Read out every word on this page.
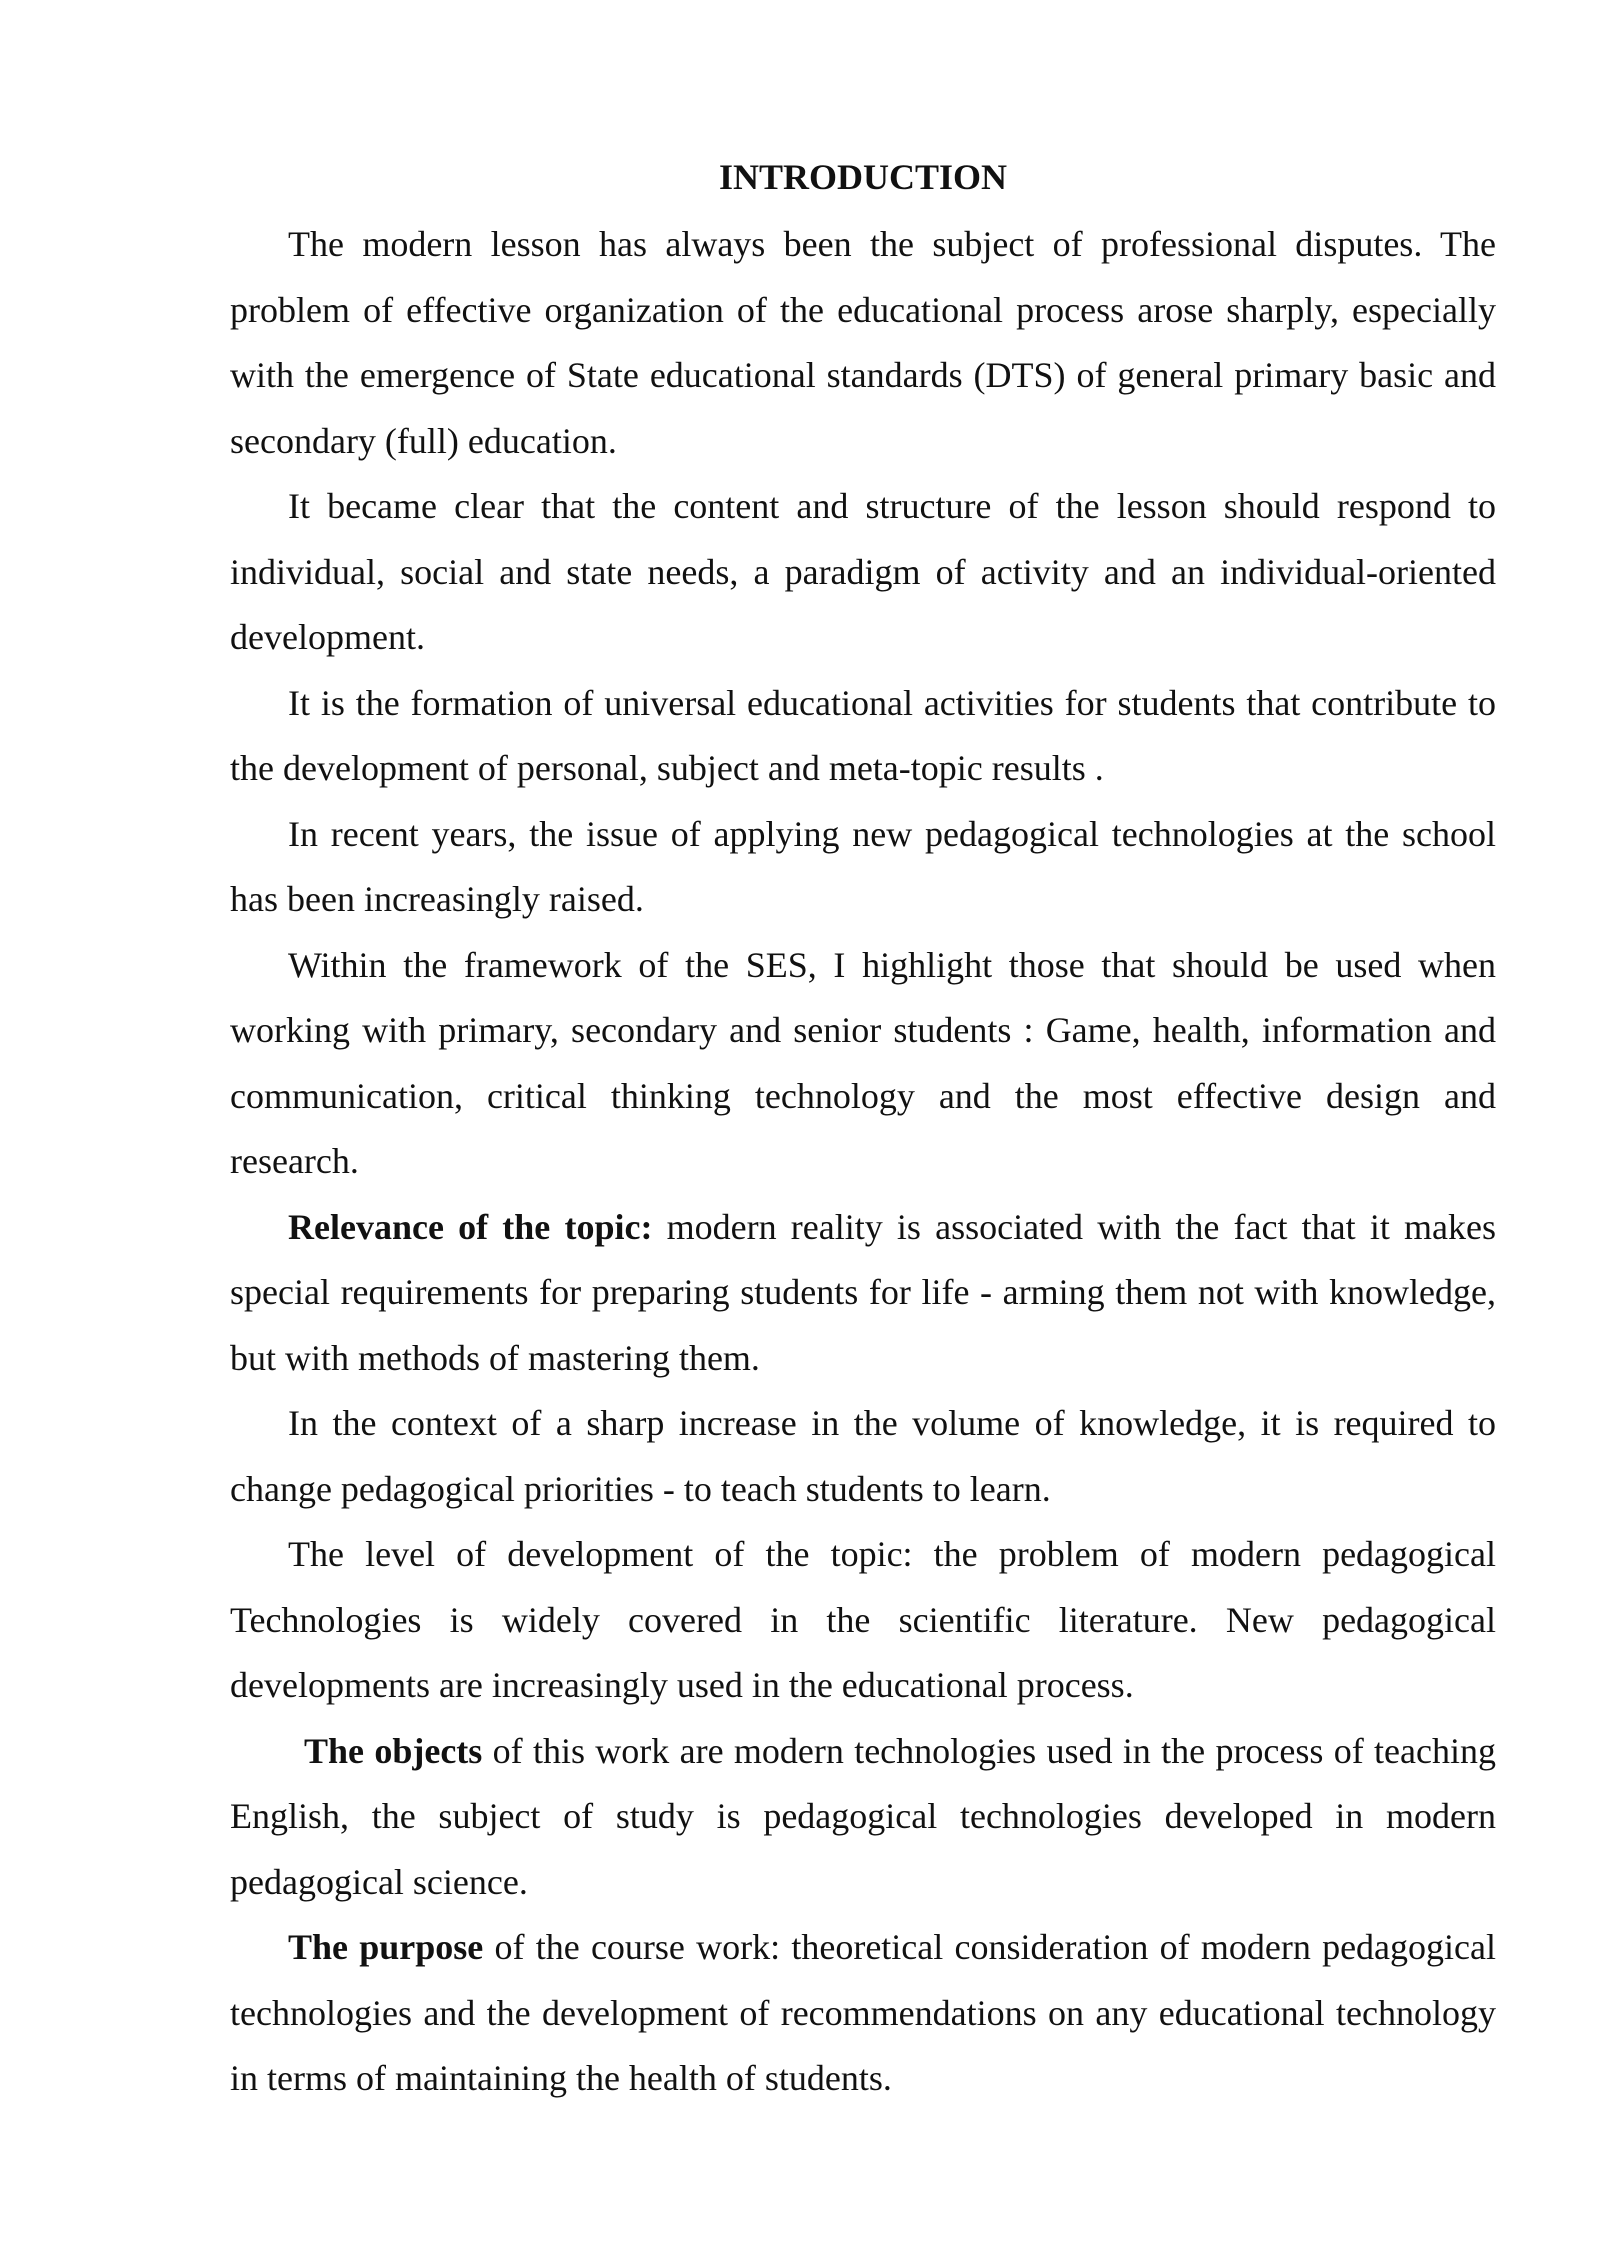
INTRODUCTION

The modern lesson has always been the subject of professional disputes. The problem of effective organization of the educational process arose sharply, especially with the emergence of State educational standards (DTS) of general primary basic and secondary (full) education.

It became clear that the content and structure of the lesson should respond to individual, social and state needs, a paradigm of activity and an individual-oriented development.

It is the formation of universal educational activities for students that contribute to the development of personal, subject and meta-topic results .

In recent years, the issue of applying new pedagogical technologies at the school has been increasingly raised.

Within the framework of the SES, I highlight those that should be used when working with primary, secondary and senior students : Game, health, information and communication, critical thinking technology and the most effective design and research.

Relevance of the topic: modern reality is associated with the fact that it makes special requirements for preparing students for life - arming them not with knowledge, but with methods of mastering them.

In the context of a sharp increase in the volume of knowledge, it is required to change pedagogical priorities - to teach students to learn.

The level of development of the topic: the problem of modern pedagogical Technologies is widely covered in the scientific literature. New pedagogical developments are increasingly used in the educational process.

The objects of this work are modern technologies used in the process of teaching English, the subject of study is pedagogical technologies developed in modern pedagogical science.

The purpose of the course work: theoretical consideration of modern pedagogical technologies and the development of recommendations on any educational technology in terms of maintaining the health of students.
